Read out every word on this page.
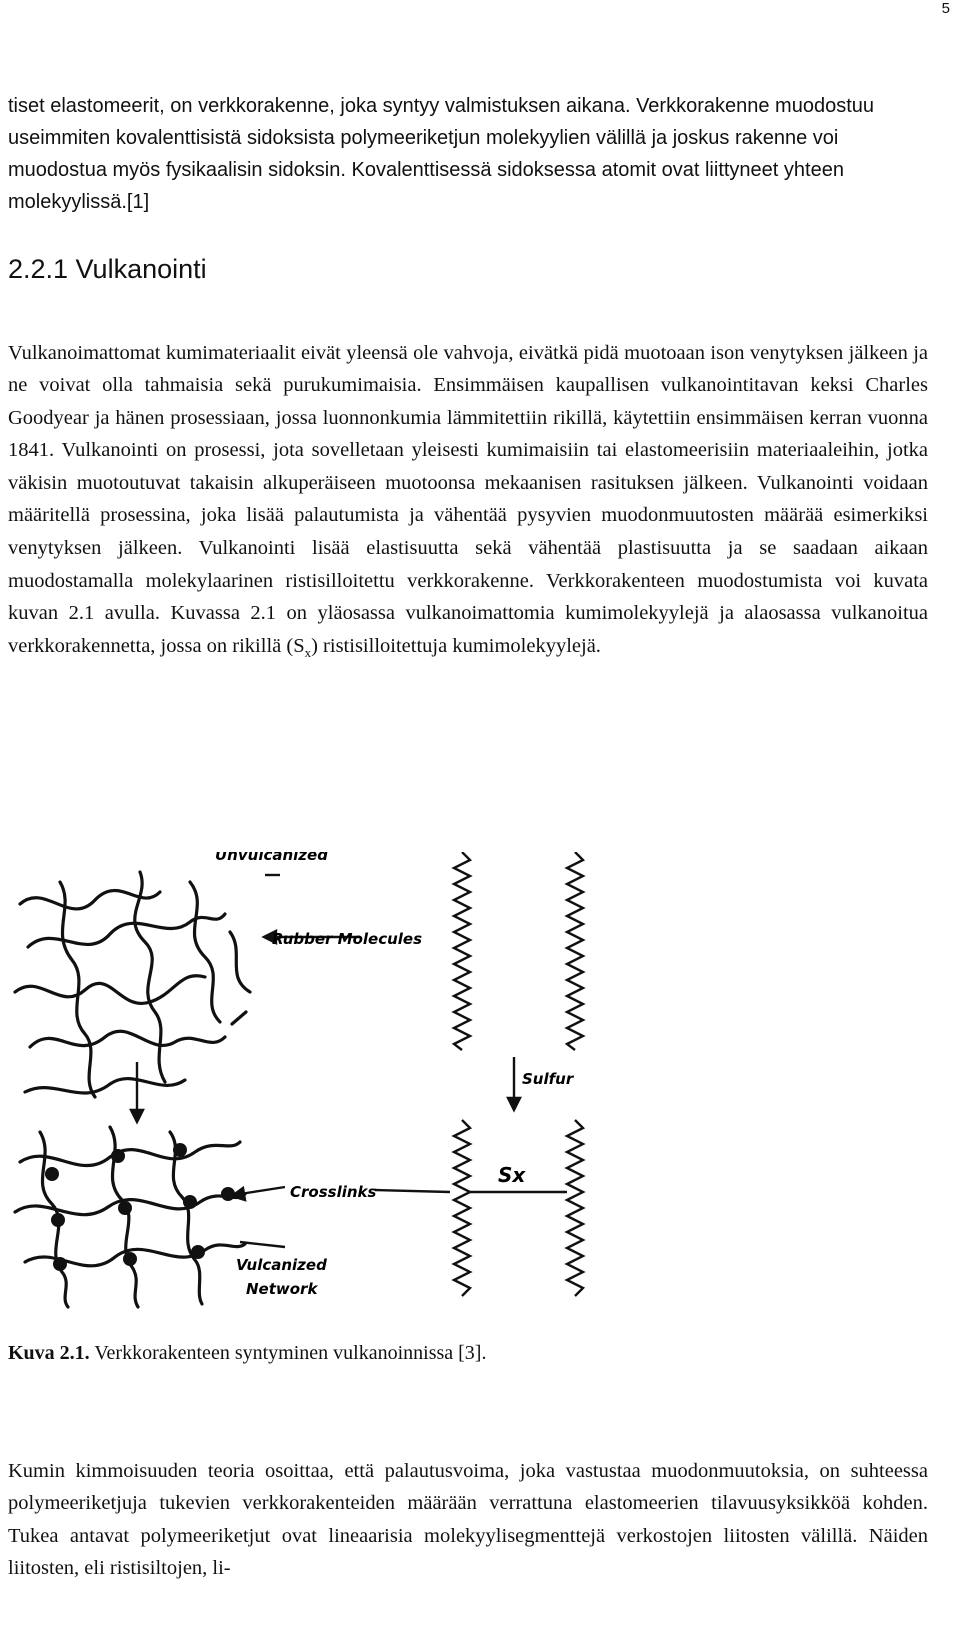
5

tiset elastomeerit, on verkkorakenne, joka syntyy valmistuksen aikana. Verkkorakenne muodostuu useimmiten kovalenttisistä sidoksista polymeeriketjun molekyylien välillä ja joskus rakenne voi muodostua myös fysikaalisin sidoksin. Kovalenttisessä sidoksessa atomit ovat liittyneet yhteen molekyylissä.[1]

2.2.1 Vulkanointi

Vulkanoimattomat kumimateriaalit eivät yleensä ole vahvoja, eivätkä pidä muotoaan ison venytyksen jälkeen ja ne voivat olla tahmaisia sekä purukumimaisia. Ensimmäisen kaupallisen vulkanointitavan keksi Charles Goodyear ja hänen prosessiaan, jossa luonnonkumia lämmitettiin rikillä, käytettiin ensimmäisen kerran vuonna 1841. Vulkanointi on prosessi, jota sovelletaan yleisesti kumimaisiin tai elastomeerisiin materiaaleihin, jotka väkisin muotoutuvat takaisin alkuperäiseen muotoonsa mekaanisen rasituksen jälkeen. Vulkanointi voidaan määritellä prosessina, joka lisää palautumista ja vähentää pysyvien muodonmuutosten määrää esimerkiksi venytyksen jälkeen. Vulkanointi lisää elastisuutta sekä vähentää plastisuutta ja se saadaan aikaan muodostamalla molekylaarinen ristisilloitettu verkkorakenne. Verkkorakenteen muodostumista voi kuvata kuvan 2.1 avulla. Kuvassa 2.1 on yläosassa vulkanoimattomia kumimolekyylejä ja alaosassa vulkanoitua verkkorakennetta, jossa on rikillä $(S_x)$ ristisilloitettuja kumimolekyylejä.

Unvulcanized
Rubber Molecules
Sulfur
Crosslinks
Sx
Vulcanized
Network

Kuva 2.1. Verkkorakenteen syntyminen vulkanoinnissa [3].

Kumin kimmoisuuden teoria osoittaa, että palautusvoima, joka vastustaa muodonmuutoksia, on suhteessa polymeeriketjuja tukevien verkkorakenteiden määrään verrattuna elastomeerien tilavuusyksikköä kohden. Tukea antavat polymeeriketjut ovat lineaarisia molekyylisegmenttejä verkostojen liitosten välillä. Näiden liitosten, eli ristisiltojen, li-
